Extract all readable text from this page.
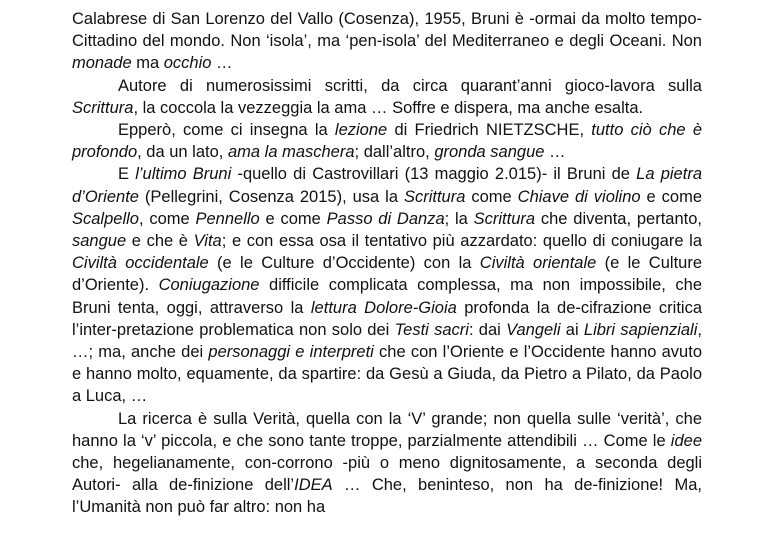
Calabrese di San Lorenzo del Vallo (Cosenza), 1955, Bruni è -ormai da molto tempo- Cittadino del mondo. Non ‘isola’, ma ‘pen-isola’ del Mediterraneo e degli Oceani. Non monade ma occhio …

Autore di numerosissimi scritti, da circa quarant’anni gioco-lavora sulla Scrittura, la coccola la vezzeggia la ama … Soffre e dispera, ma anche esalta.

Epperò, come ci insegna la lezione di Friedrich NIETZSCHE, tutto ciò che è profondo, da un lato, ama la maschera; dall’altro, gronda sangue …

E l’ultimo Bruni -quello di Castrovillari (13 maggio 2.015)- il Bruni de La pietra d’Oriente (Pellegrini, Cosenza 2015), usa la Scrittura come Chiave di violino e come Scalpello, come Pennello e come Passo di Danza; la Scrittura che diventa, pertanto, sangue e che è Vita; e con essa osa il tentativo più azzardato: quello di coniugare la Civiltà occidentale (e le Culture d’Occidente) con la Civiltà orientale (e le Culture d’Oriente). Coniugazione difficile complicata complessa, ma non impossibile, che Bruni tenta, oggi, attraverso la lettura Dolore-Gioia profonda la de-cifrazione critica l’inter-pretazione problematica non solo dei Testi sacri: dai Vangeli ai Libri sapienziali, …; ma, anche dei personaggi e interpreti che con l’Oriente e l’Occidente hanno avuto e hanno molto, equamente, da spartire: da Gesù a Giuda, da Pietro a Pilato, da Paolo a Luca, …

La ricerca è sulla Verità, quella con la ‘V’ grande; non quella sulle ‘verità’, che hanno la ‘v’ piccola, e che sono tante troppe, parzialmente attendibili … Come le idee che, hegelianamente, con-corrono -più o meno dignitosamente, a seconda degli Autori- alla de-finizione dell’IDEA … Che, beninteso, non ha de-finizione! Ma, l’Umanità non può far altro: non ha
